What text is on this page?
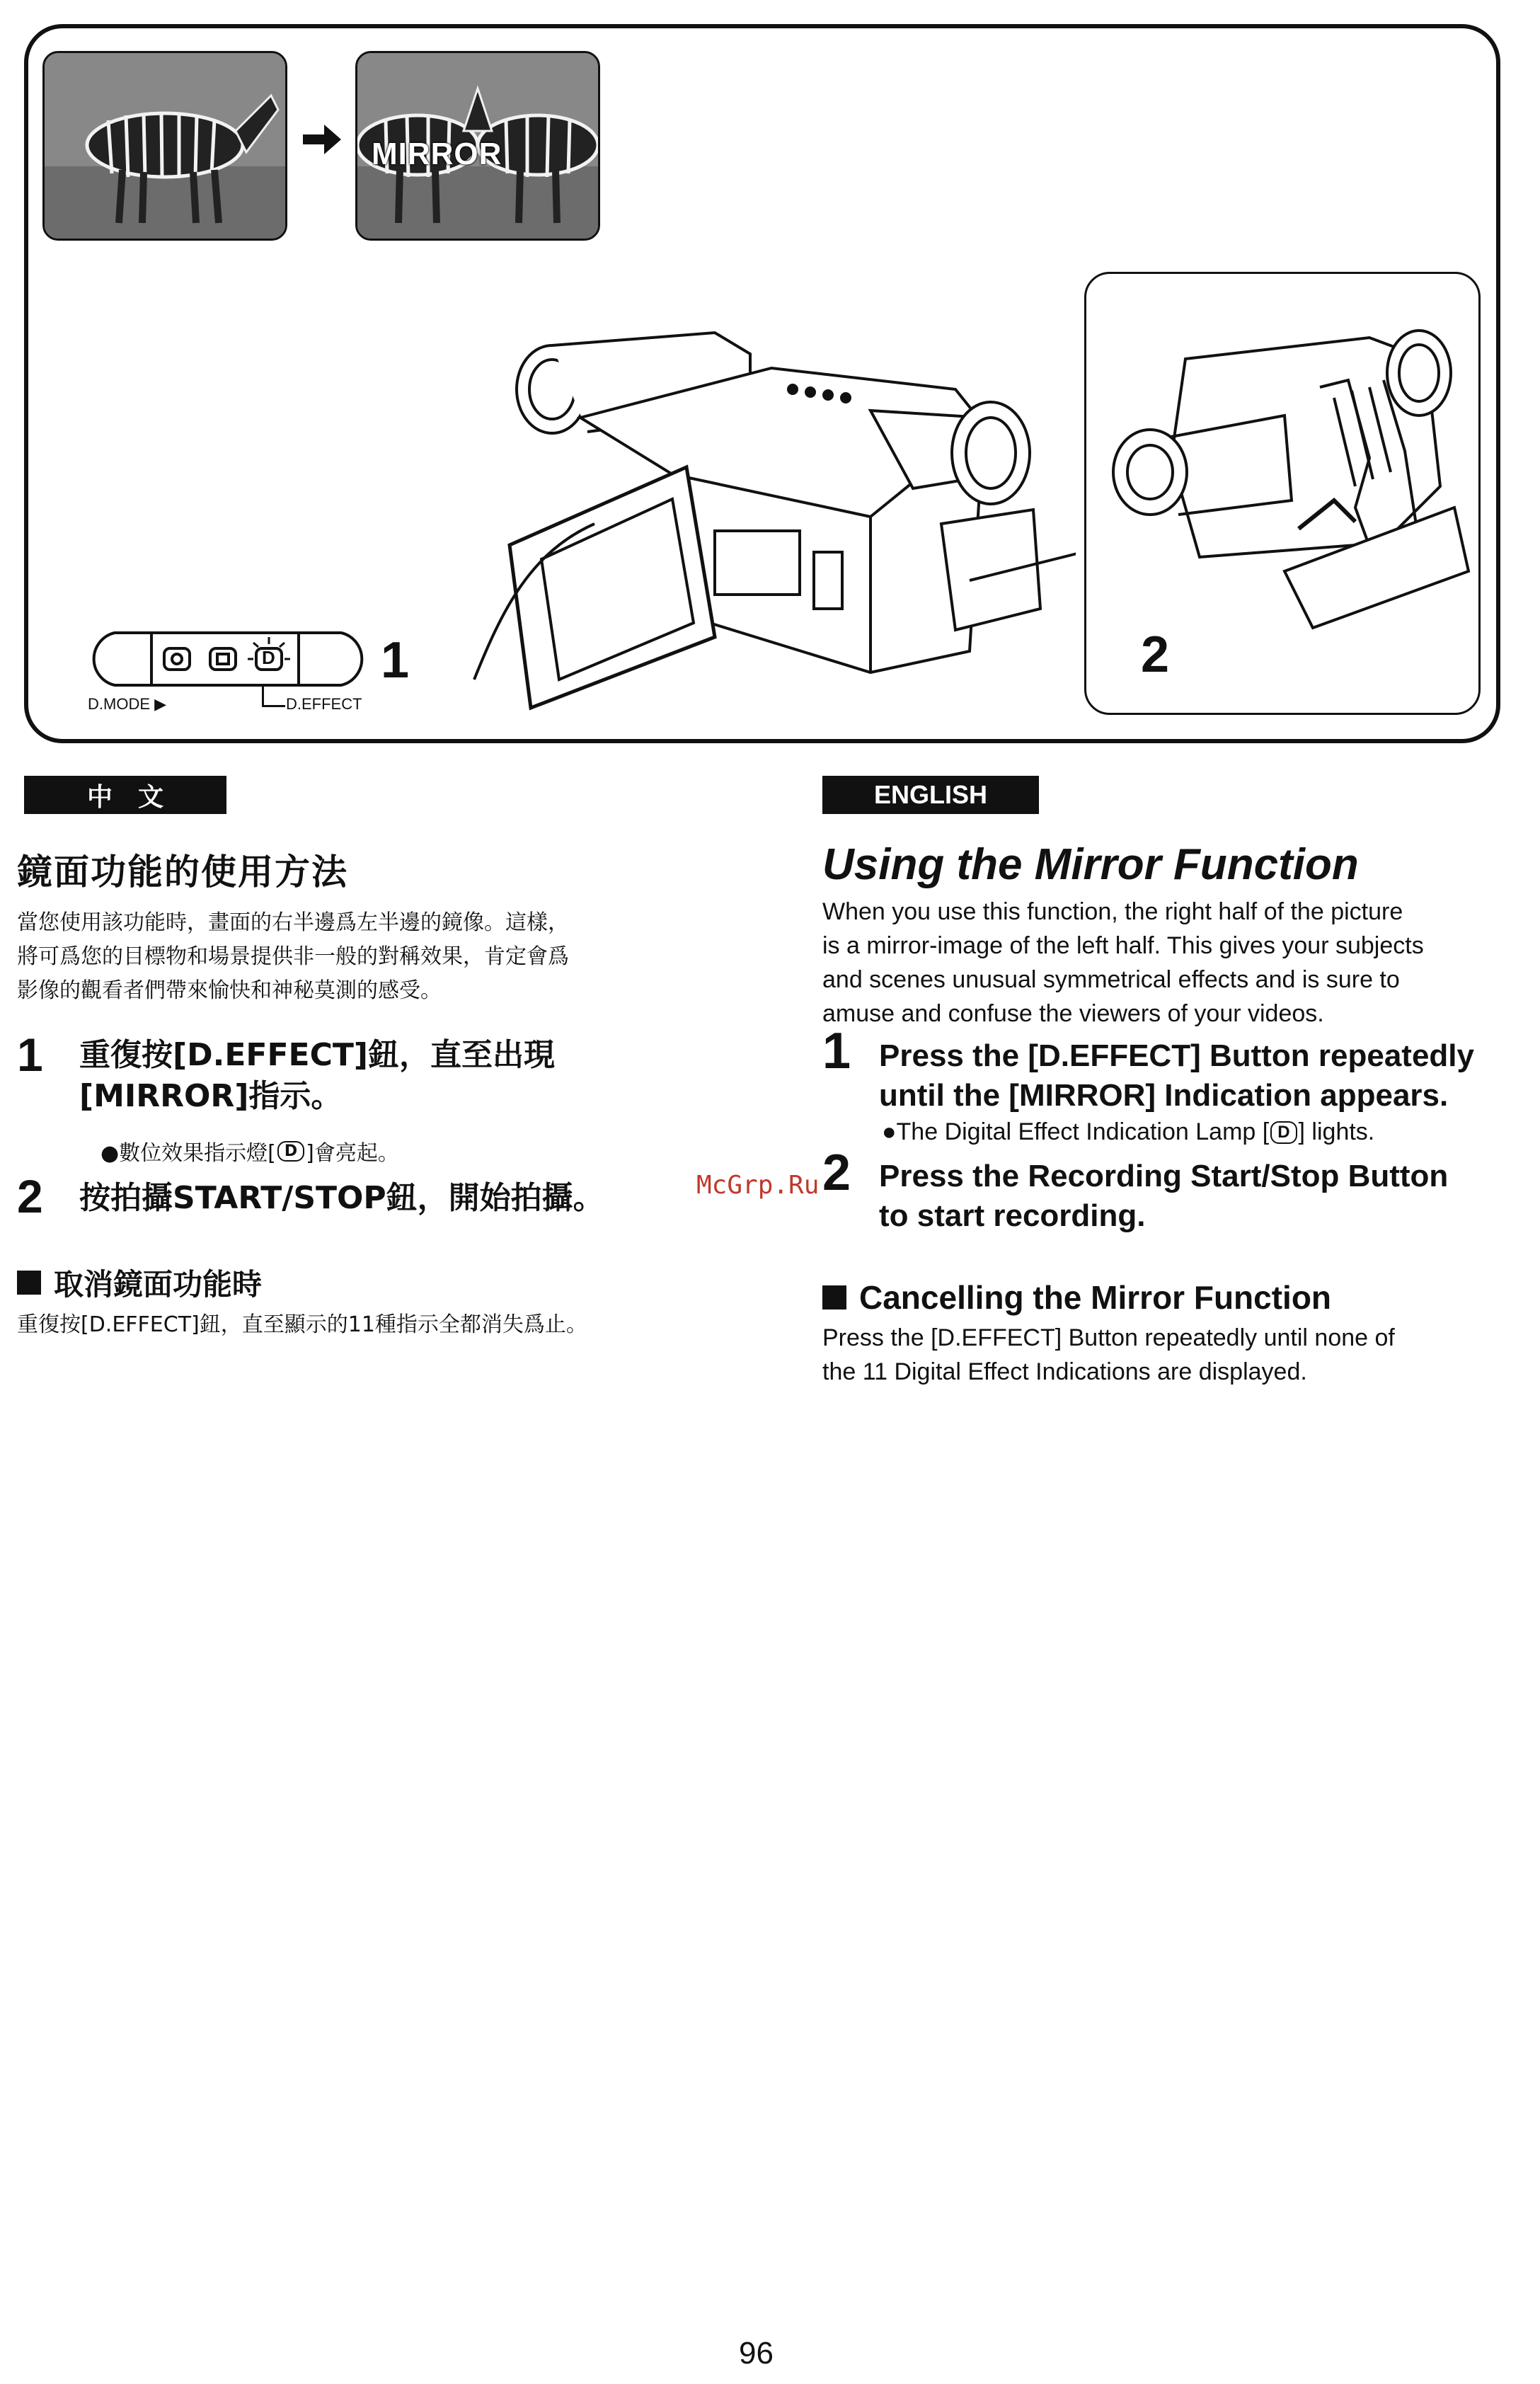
MIRROR
D 1
D.MODE ▶	D.EFFECT
2
中　文
鏡面功能的使用方法
當您使用該功能時，畫面的右半邊爲左半邊的鏡像。這樣，
將可爲您的目標物和場景提供非一般的對稱效果，肯定會爲
影像的觀看者們帶來愉快和神秘莫測的感受。
1 重復按[D.EFFECT]鈕，直至出現
[MIRROR]指示。
●數位效果指示燈[ D ]會亮起。
2 按拍攝START/STOP鈕，開始拍攝。
取消鏡面功能時
重復按[D.EFFECT]鈕，直至顯示的11種指示全都消失爲止。
ENGLISH
Using the Mirror Function
When you use this function, the right half of the picture
is a mirror-image of the left half. This gives your subjects
and scenes unusual symmetrical effects and is sure to
amuse and confuse the viewers of your videos.
1 Press the [D.EFFECT] Button repeatedly
until the [MIRROR] Indication appears.
●The Digital Effect Indication Lamp [ D ] lights.
2 Press the Recording Start/Stop Button
to start recording.
Cancelling the Mirror Function
Press the [D.EFFECT] Button repeatedly until none of
the 11 Digital Effect Indications are displayed.
McGrp.Ru
96
